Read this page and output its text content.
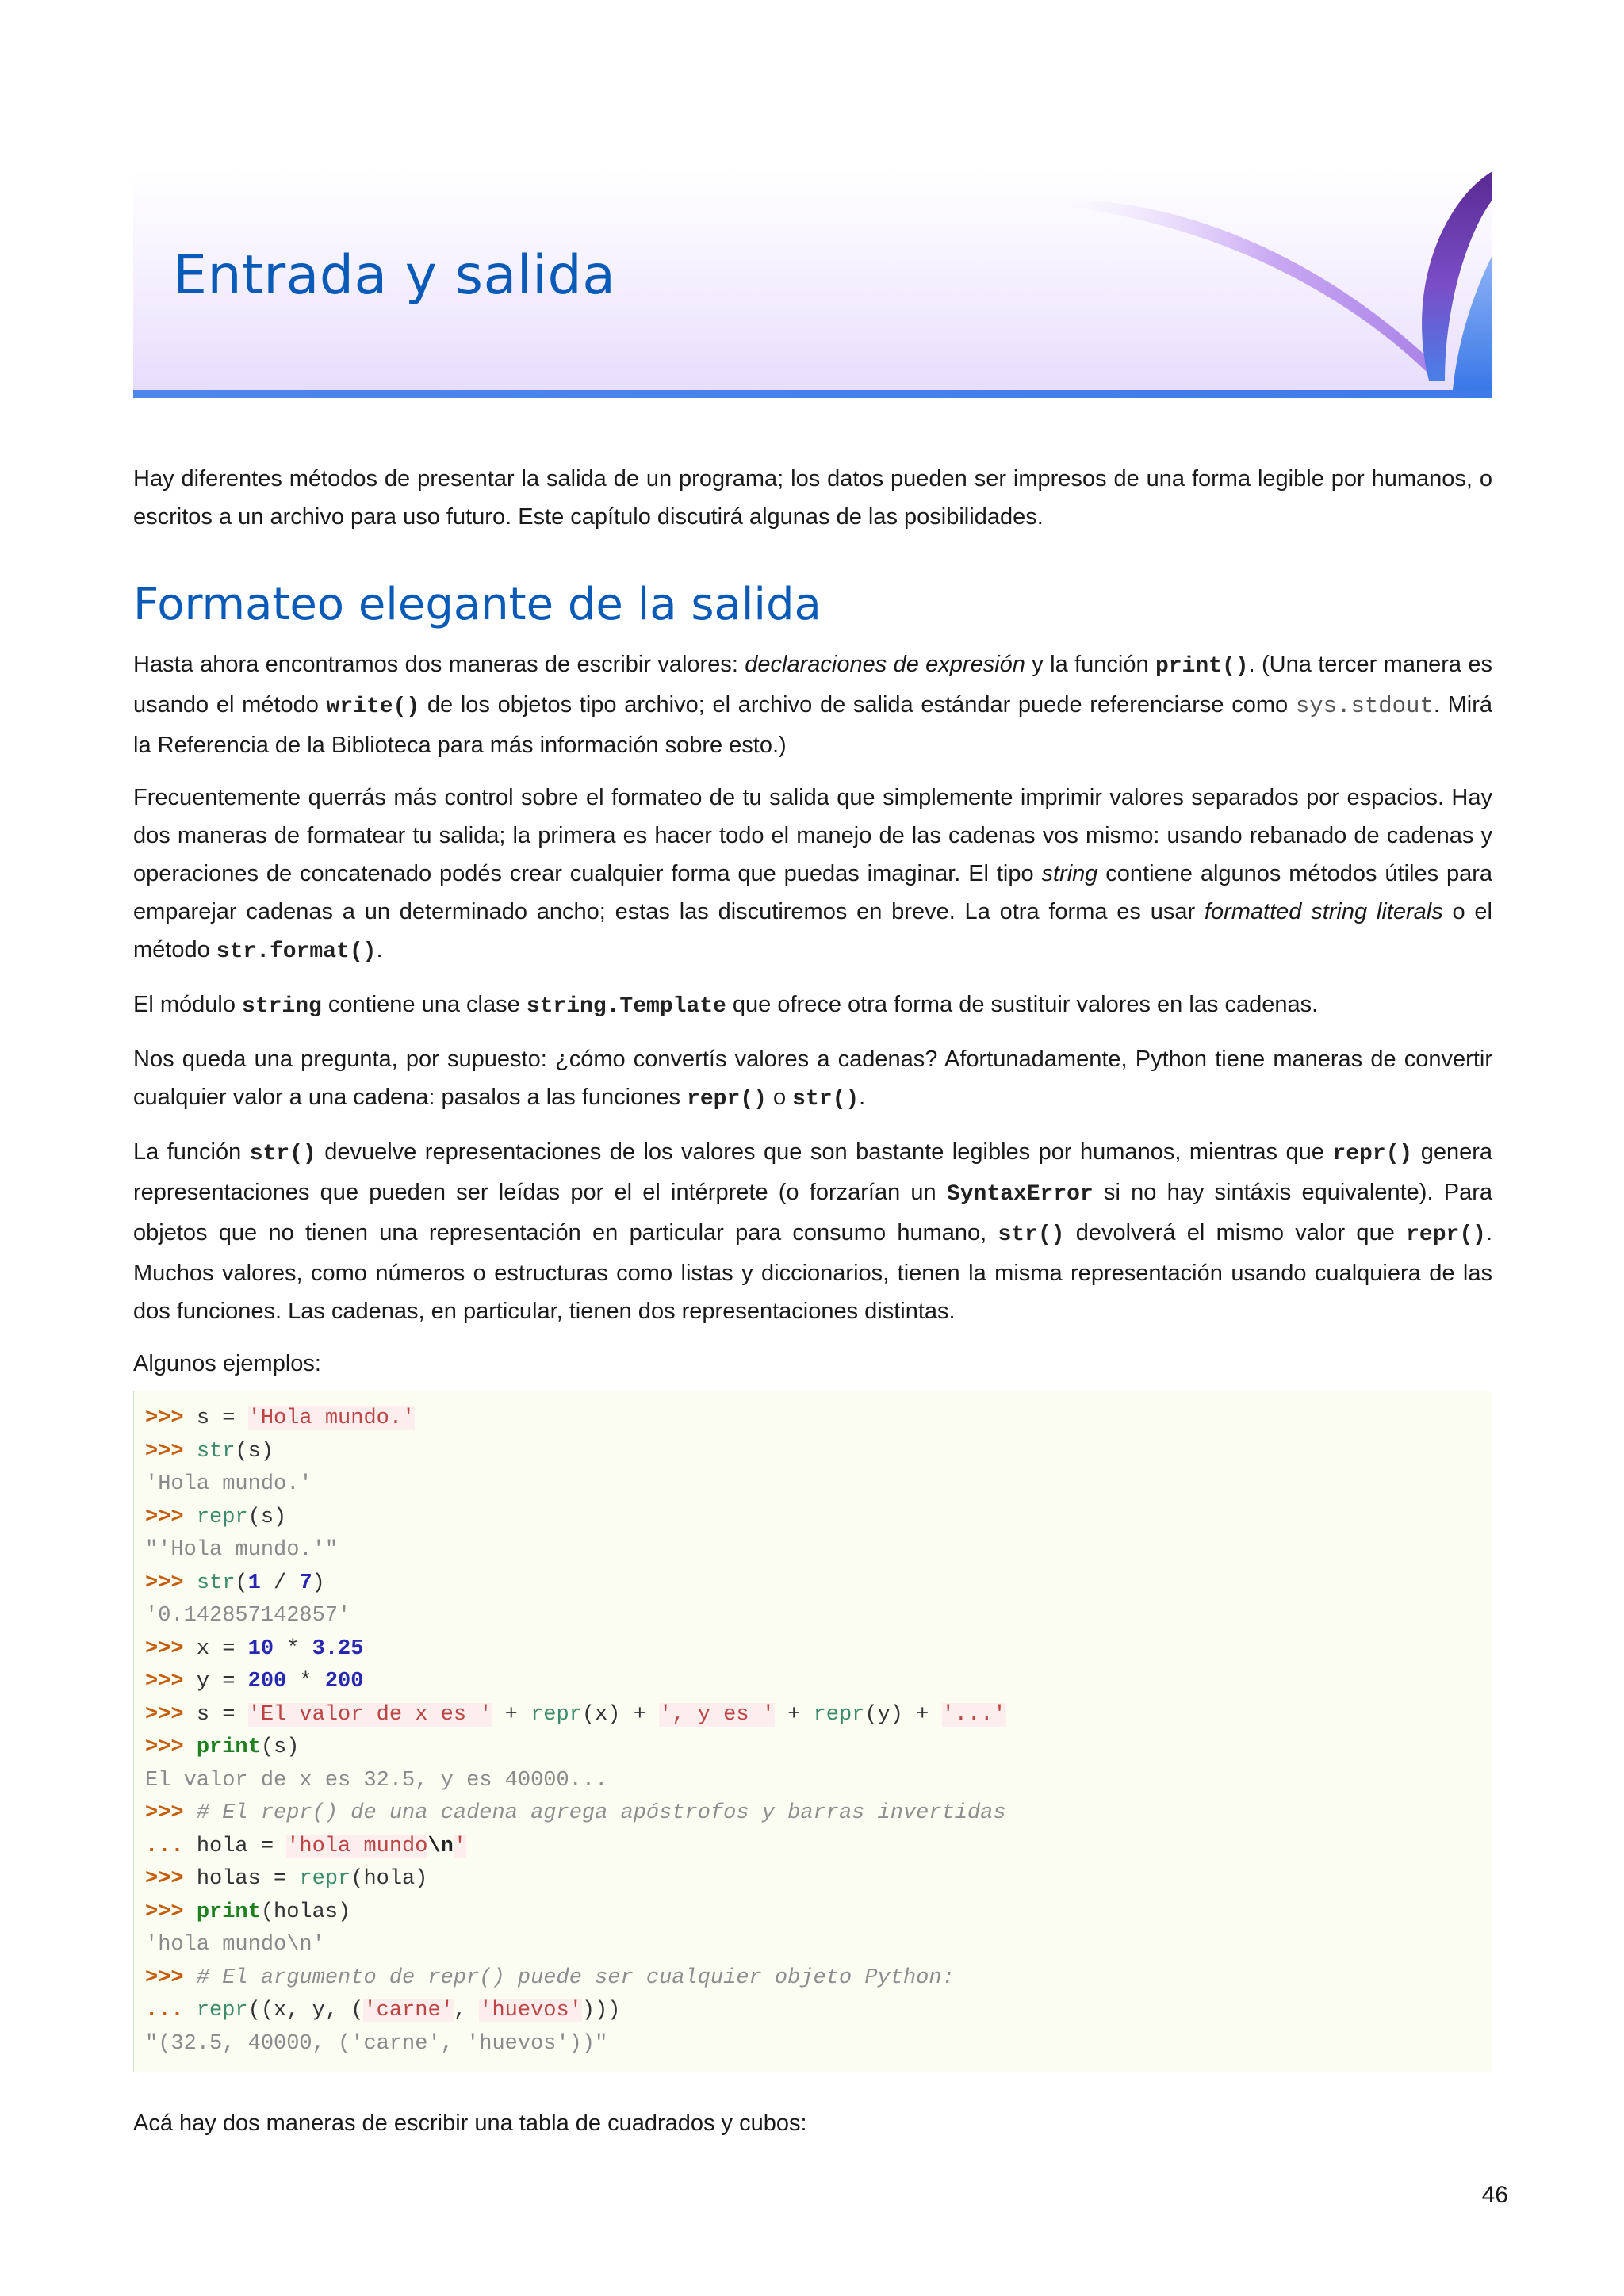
Entrada y salida

Hay diferentes métodos de presentar la salida de un programa; los datos pueden ser impresos de una forma legible por humanos, o escritos a un archivo para uso futuro. Este capítulo discutirá algunas de las posibilidades.

Formateo elegante de la salida

Hasta ahora encontramos dos maneras de escribir valores: declaraciones de expresión y la función print(). (Una tercer manera es usando el método write() de los objetos tipo archivo; el archivo de salida estándar puede referenciarse como sys.stdout. Mirá la Referencia de la Biblioteca para más información sobre esto.)

Frecuentemente querrás más control sobre el formateo de tu salida que simplemente imprimir valores separados por espacios. Hay dos maneras de formatear tu salida; la primera es hacer todo el manejo de las cadenas vos mismo: usando rebanado de cadenas y operaciones de concatenado podés crear cualquier forma que puedas imaginar. El tipo string contiene algunos métodos útiles para emparejar cadenas a un determinado ancho; estas las discutiremos en breve. La otra forma es usar formatted string literals o el método str.format().

El módulo string contiene una clase string.Template que ofrece otra forma de sustituir valores en las cadenas.

Nos queda una pregunta, por supuesto: ¿cómo convertís valores a cadenas? Afortunadamente, Python tiene maneras de convertir cualquier valor a una cadena: pasalos a las funciones repr() o str().

La función str() devuelve representaciones de los valores que son bastante legibles por humanos, mientras que repr() genera representaciones que pueden ser leídas por el el intérprete (o forzarían un SyntaxError si no hay sintáxis equivalente). Para objetos que no tienen una representación en particular para consumo humano, str() devolverá el mismo valor que repr(). Muchos valores, como números o estructuras como listas y diccionarios, tienen la misma representación usando cualquiera de las dos funciones. Las cadenas, en particular, tienen dos representaciones distintas.

Algunos ejemplos:

>>> s = 'Hola mundo.'
>>> str(s)
'Hola mundo.'
>>> repr(s)
"'Hola mundo.'"
>>> str(1 / 7)
'0.142857142857'
>>> x = 10 * 3.25
>>> y = 200 * 200
>>> s = 'El valor de x es ' + repr(x) + ', y es ' + repr(y) + '...'
>>> print(s)
El valor de x es 32.5, y es 40000...
>>> # El repr() de una cadena agrega apóstrofos y barras invertidas
... hola = 'hola mundo\n'
>>> holas = repr(hola)
>>> print(holas)
'hola mundo\n'
>>> # El argumento de repr() puede ser cualquier objeto Python:
... repr((x, y, ('carne', 'huevos')))
"(32.5, 40000, ('carne', 'huevos'))"

Acá hay dos maneras de escribir una tabla de cuadrados y cubos:

46
